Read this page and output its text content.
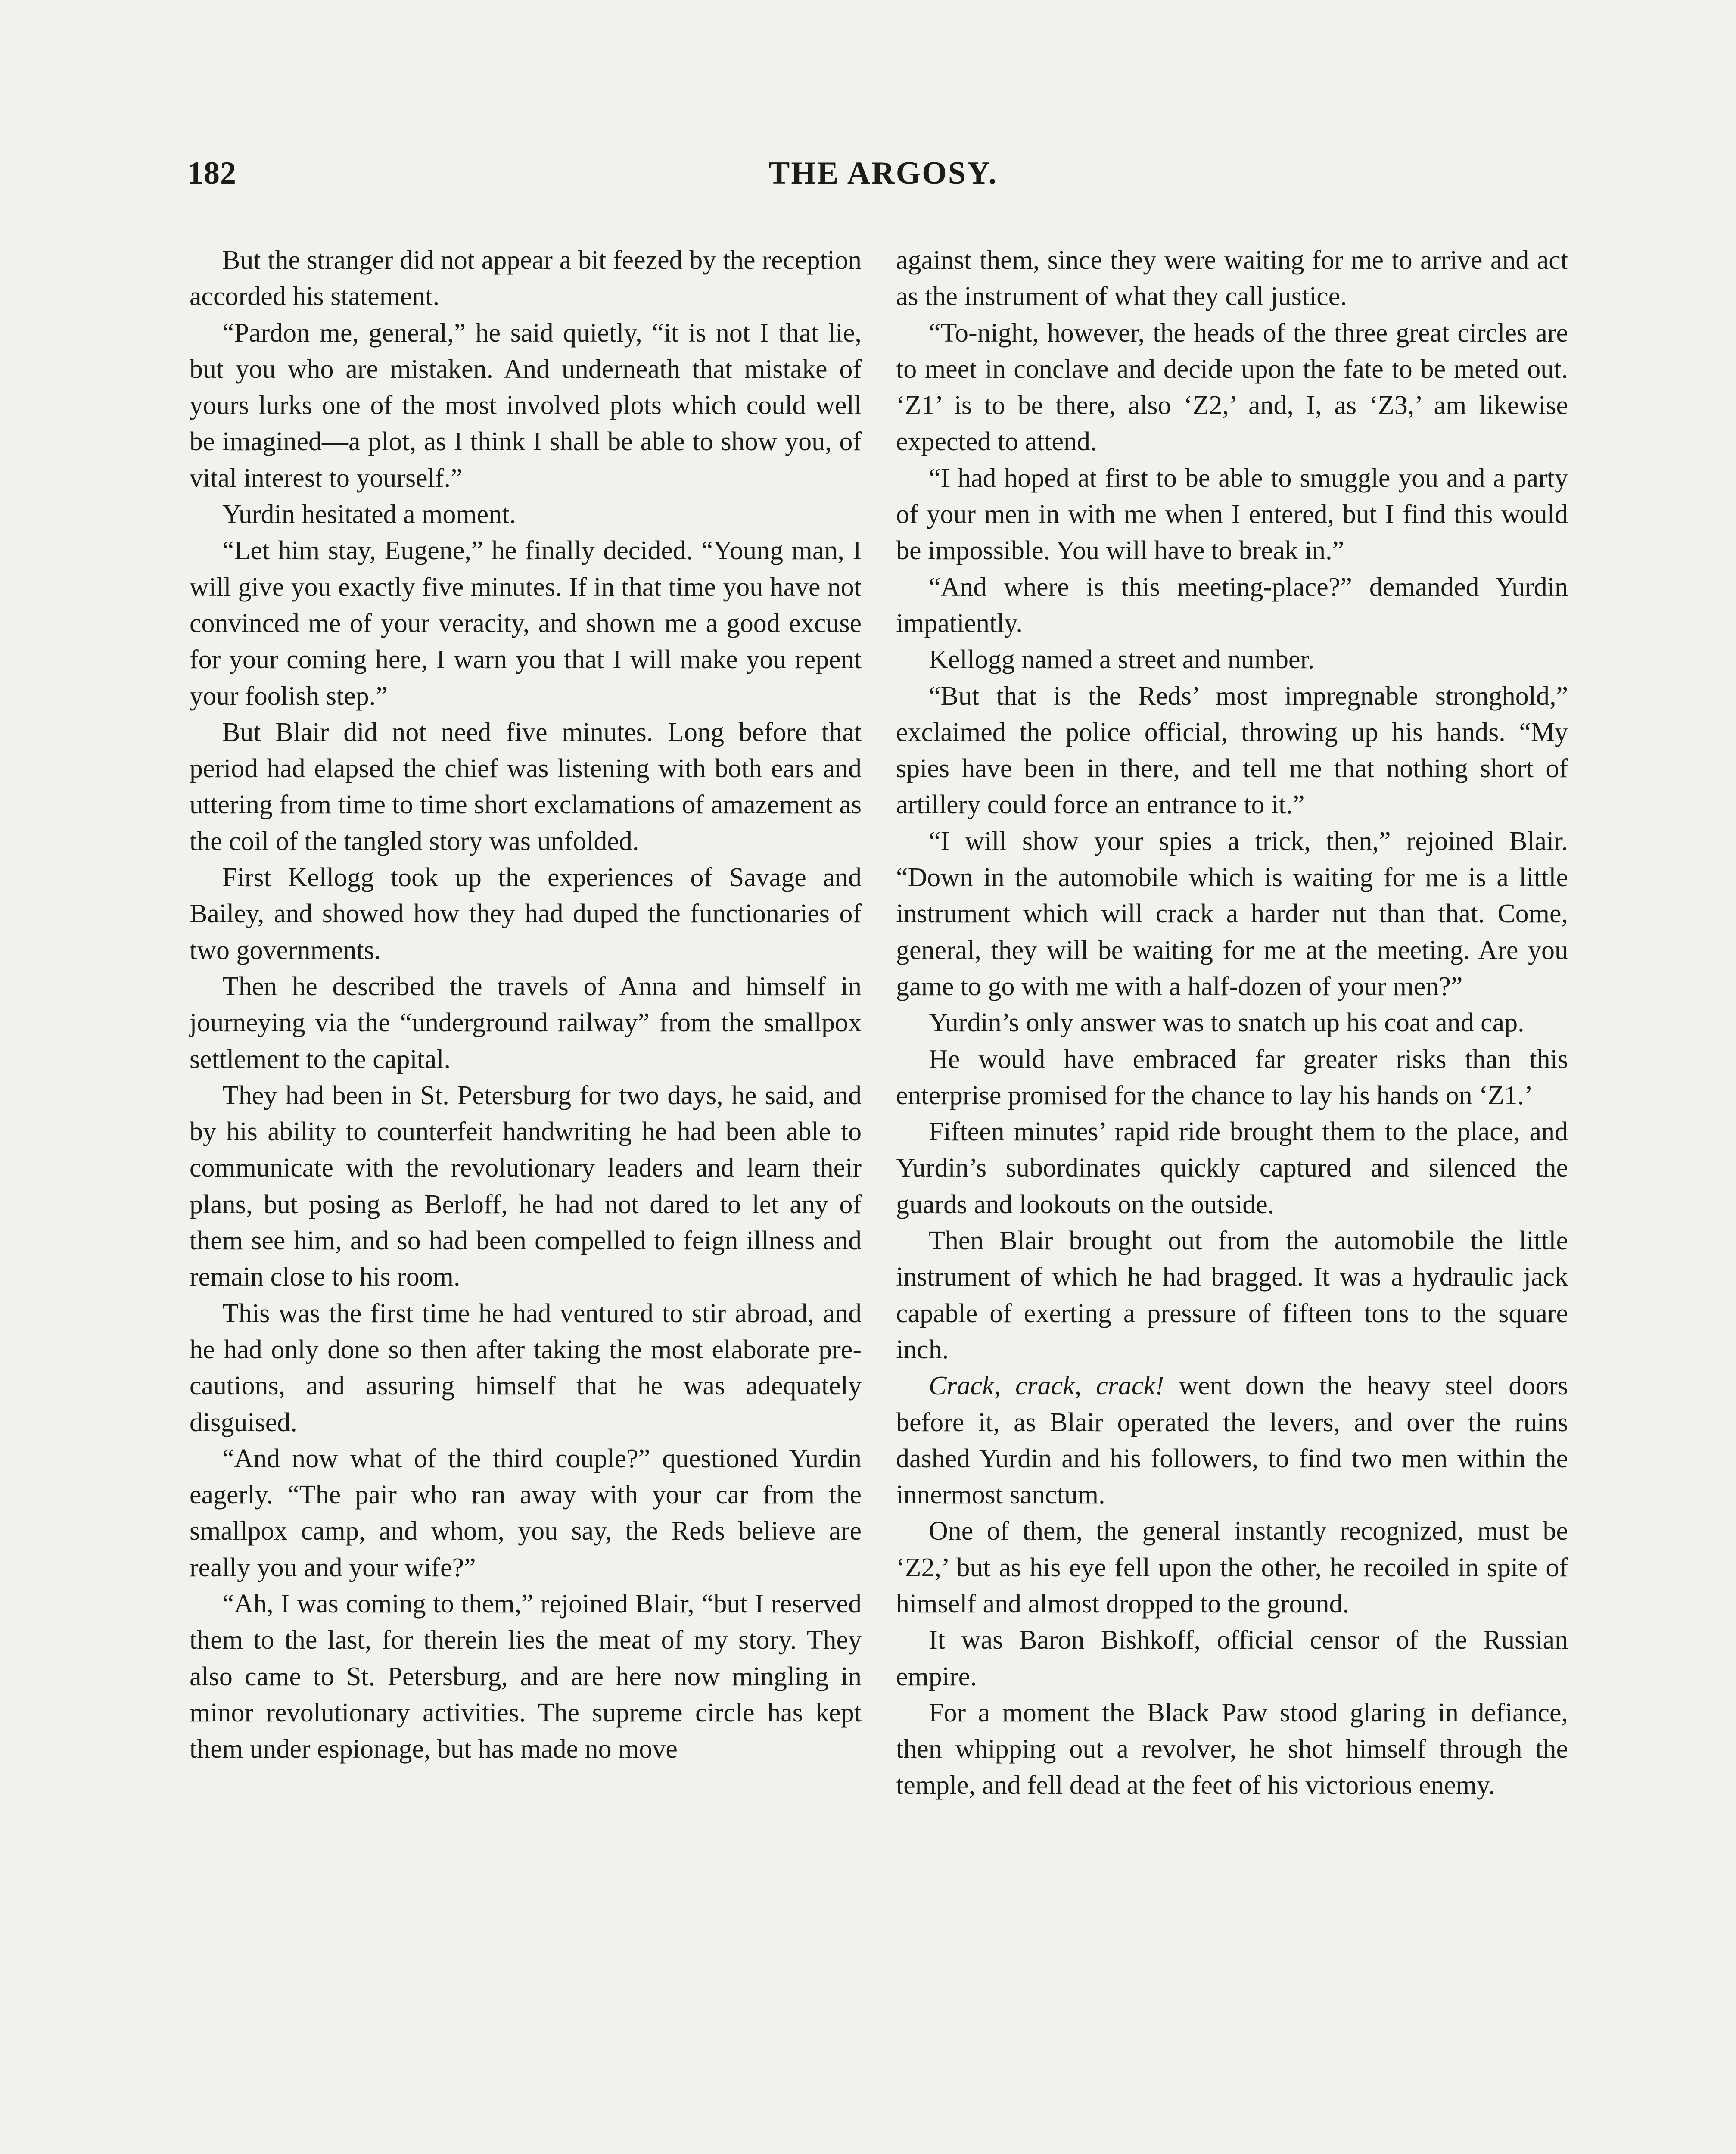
182	THE ARGOSY.

But the stranger did not appear a bit feezed by the reception accorded his statement.

“Pardon me, general,” he said quietly, “it is not I that lie, but you who are mistaken. And underneath that mistake of yours lurks one of the most involved plots which could well be imagined—a plot, as I think I shall be able to show you, of vital interest to yourself.”

Yurdin hesitated a moment.

“Let him stay, Eugene,” he finally decided. “Young man, I will give you exactly five minutes. If in that time you have not convinced me of your veracity, and shown me a good excuse for your coming here, I warn you that I will make you repent your foolish step.”

But Blair did not need five minutes. Long before that period had elapsed the chief was listening with both ears and uttering from time to time short exclamations of amazement as the coil of the tangled story was unfolded.

First Kellogg took up the experiences of Savage and Bailey, and showed how they had duped the functionaries of two governments.

Then he described the travels of Anna and himself in journeying via the “underground railway” from the smallpox settlement to the capital.

They had been in St. Petersburg for two days, he said, and by his ability to counterfeit handwriting he had been able to communicate with the revolutionary leaders and learn their plans, but posing as Berloff, he had not dared to let any of them see him, and so had been compelled to feign illness and remain close to his room.

This was the first time he had ventured to stir abroad, and he had only done so then after taking the most elaborate precautions, and assuring himself that he was adequately disguised.

“And now what of the third couple?” questioned Yurdin eagerly. “The pair who ran away with your car from the smallpox camp, and whom, you say, the Reds believe are really you and your wife?”

“Ah, I was coming to them,” rejoined Blair, “but I reserved them to the last, for therein lies the meat of my story. They also came to St. Petersburg, and are here now mingling in minor revolutionary activities. The supreme circle has kept them under espionage, but has made no move

against them, since they were waiting for me to arrive and act as the instrument of what they call justice.

“To-night, however, the heads of the three great circles are to meet in conclave and decide upon the fate to be meted out. ‘Z1’ is to be there, also ‘Z2,’ and, I, as ‘Z3,’ am likewise expected to attend.

“I had hoped at first to be able to smuggle you and a party of your men in with me when I entered, but I find this would be impossible. You will have to break in.”

“And where is this meeting-place?” demanded Yurdin impatiently.

Kellogg named a street and number.

“But that is the Reds’ most impregnable stronghold,” exclaimed the police official, throwing up his hands. “My spies have been in there, and tell me that nothing short of artillery could force an entrance to it.”

“I will show your spies a trick, then,” rejoined Blair. “Down in the automobile which is waiting for me is a little instrument which will crack a harder nut than that. Come, general, they will be waiting for me at the meeting. Are you game to go with me with a half-dozen of your men?”

Yurdin’s only answer was to snatch up his coat and cap.

He would have embraced far greater risks than this enterprise promised for the chance to lay his hands on ‘Z1.’

Fifteen minutes’ rapid ride brought them to the place, and Yurdin’s subordinates quickly captured and silenced the guards and lookouts on the outside.

Then Blair brought out from the automobile the little instrument of which he had bragged. It was a hydraulic jack capable of exerting a pressure of fifteen tons to the square inch.

Crack, crack, crack! went down the heavy steel doors before it, as Blair operated the levers, and over the ruins dashed Yurdin and his followers, to find two men within the innermost sanctum.

One of them, the general instantly recognized, must be ‘Z2,’ but as his eye fell upon the other, he recoiled in spite of himself and almost dropped to the ground.

It was Baron Bishkoff, official censor of the Russian empire.

For a moment the Black Paw stood glaring in defiance, then whipping out a revolver, he shot himself through the temple, and fell dead at the feet of his victorious enemy.
